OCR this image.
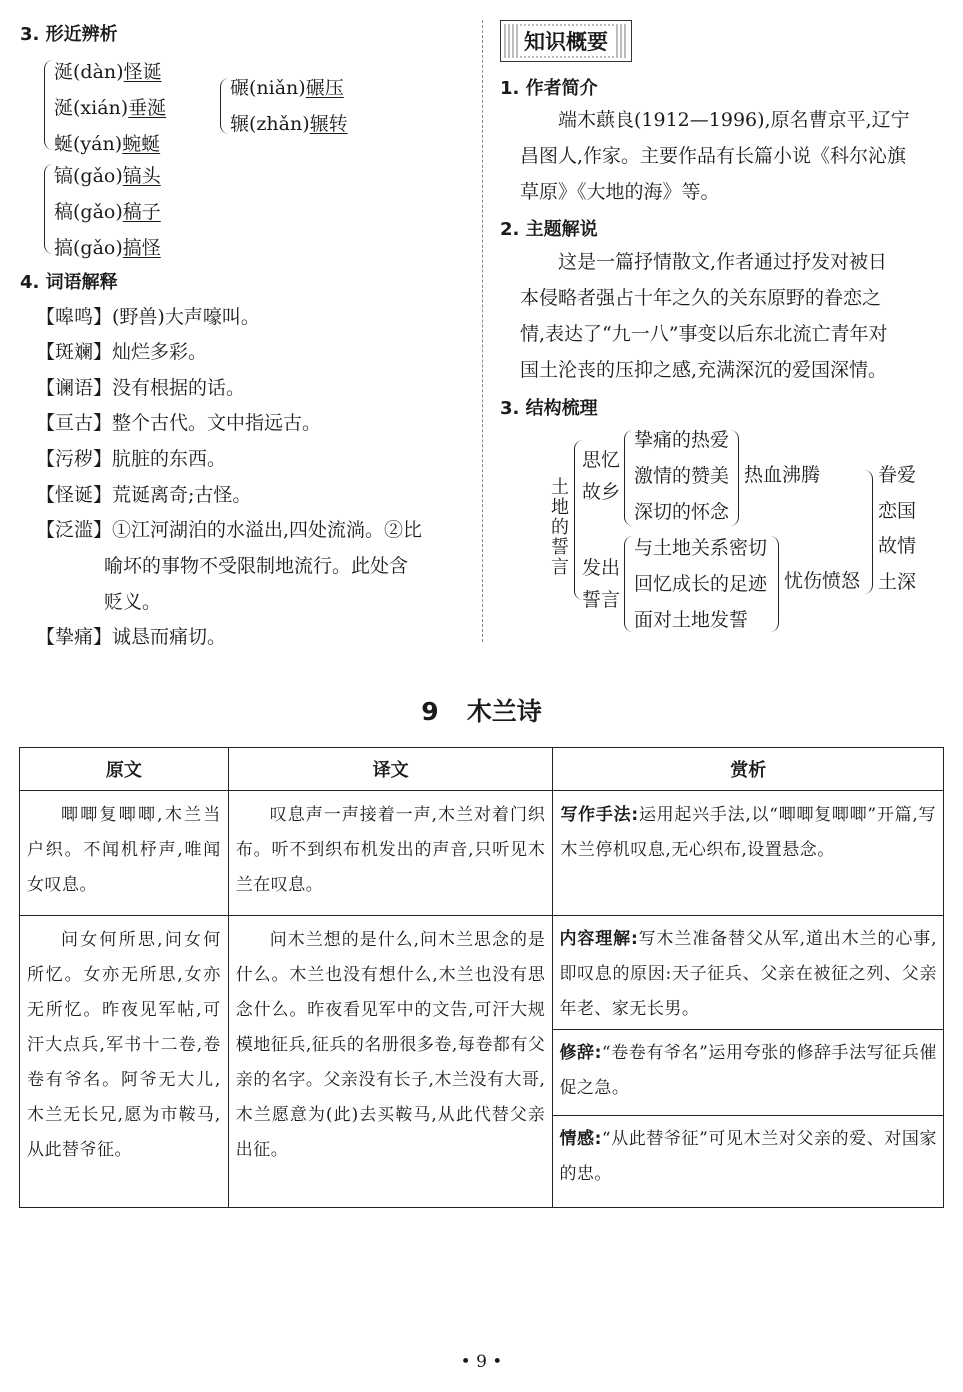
3. 形近辨析
涎(dàn)怪诞
涎(xián)垂涎
蜒(yán)蜿蜒
碾(niǎn)碾压
辗(zhǎn)辗转
镐(gǎo)镐头
稿(gǎo)稿子
搞(gǎo)搞怪
4. 词语解释
【嗥鸣】(野兽)大声嚎叫。
【斑斓】灿烂多彩。
【谰语】没有根据的话。
【亘古】整个古代。文中指远古。
【污秽】肮脏的东西。
【怪诞】荒诞离奇;古怪。
【泛滥】①江河湖泊的水溢出,四处流淌。②比
喻坏的事物不受限制地流行。此处含
贬义。
【挚痛】诚恳而痛切。
知识概要
1. 作者简介
端木蕻良(1912—1996),原名曹京平,辽宁
昌图人,作家。主要作品有长篇小说《科尔沁旗
草原》《大地的海》等。
2. 主题解说
这是一篇抒情散文,作者通过抒发对被日
本侵略者强占十年之久的关东原野的眷恋之
情,表达了“九一八”事变以后东北流亡青年对
国土沦丧的压抑之感,充满深沉的爱国深情。
3. 结构梳理
土地的誓言
思忆
故乡
挚痛的热爱
激情的赞美
深切的怀念
热血沸腾
发出
誓言
与土地关系密切
回忆成长的足迹
面对土地发誓
忧伤愤怒
眷爱
恋国
故情
土深
9 木兰诗
原文	译文	赏析

唧唧复唧唧,木兰当户织。不闻机杼声,唯闻女叹息。	叹息声一声接着一声,木兰对着门织布。听不到织布机发出的声音,只听见木兰在叹息。	写作手法:运用起兴手法,以“唧唧复唧唧”开篇,写木兰停机叹息,无心织布,设置悬念。

问女何所思,问女何所忆。女亦无所思,女亦无所忆。昨夜见军帖,可汗大点兵,军书十二卷,卷卷有爷名。阿爷无大儿,木兰无长兄,愿为市鞍马,从此替爷征。	问木兰想的是什么,问木兰思念的是什么。木兰也没有想什么,木兰也没有思念什么。昨夜看见军中的文告,可汗大规模地征兵,征兵的名册很多卷,每卷都有父亲的名字。父亲没有长子,木兰没有大哥,木兰愿意为(此)去买鞍马,从此代替父亲出征。	内容理解:写木兰准备替父从军,道出木兰的心事,即叹息的原因:天子征兵、父亲在被征之列、父亲年老、家无长男。
修辞:“卷卷有爷名”运用夸张的修辞手法写征兵催促之急。
情感:“从此替爷征”可见木兰对父亲的爱、对国家的忠。
• 9 •
